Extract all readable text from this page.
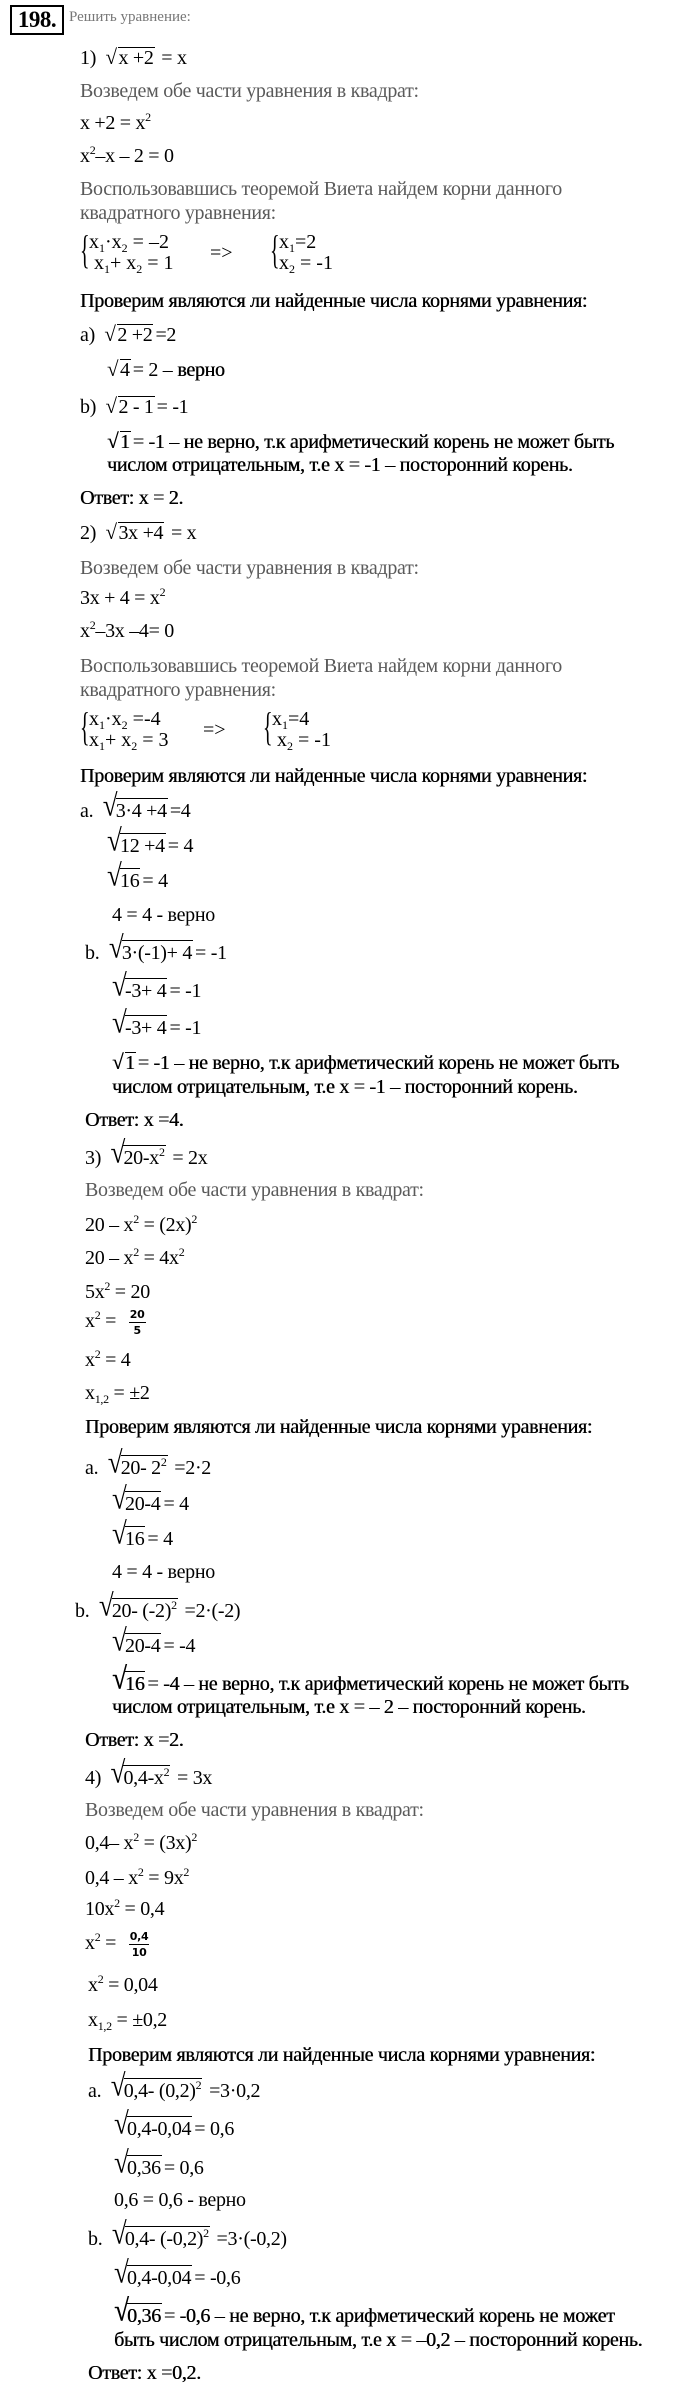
198. Решить уравнение:
1) √ x +2 = x
Возведем обе части уравнения в квадрат:
$x +2 = x^2$
$x^2-x - 2 = 0$
Воспользовавшись теоремой Виета найдем корни данного
квадратного уравнения:
{ $x_1\cdot x_2 = -2$
$x_1+ x_2 = 1$ => { $x_1=2$
$x_2 = -1$
Проверим являются ли найденные числа корнями уравнения:
a) √ 2 +2 =2
√ 4 = 2 – верно
b) √ 2 - 1 = -1
√ 1 = -1 – не верно, т.к арифметический корень не может быть
числом отрицательным, т.е x = -1 – посторонний корень.
Ответ: x = 2.
2) √ 3x +4 = x
Возведем обе части уравнения в квадрат:
$3x + 4 = x^2$
$x^2-3x$ –4= 0
Воспользовавшись теоремой Виета найдем корни данного
квадратного уравнения:
{ $x_1\cdot x_2 =-4$
$x_1+ x_2 = 3$ => { $x_1=4$
$x_2 = -1$
Проверим являются ли найденные числа корнями уравнения:
a. √ 3·4 +4 =4
√ 12 +4 = 4
√ 16 = 4
4 = 4 - верно
b. √ 3·(-1)+ 4 = -1
√ -3+ 4 = -1
√ -3+ 4 = -1
√ 1 = -1 – не верно, т.к арифметический корень не может быть
числом отрицательным, т.е x = -1 – посторонний корень.
Ответ: x =4.
3) √ $20-x^2 = 2x$
Возведем обе части уравнения в квадрат:
$20 - x^2 = (2x)^2$
$20 - x^2 = 4x^2$
$5x^2 = 20$
$x^2 = \frac{20}{5}$
$x^2 = 4$
$x_{1,2} = \pm 2$
Проверим являются ли найденные числа корнями уравнения:
a. √ 20- $2^2 =2\cdot 2$
√ 20-4 = 4
√ 16 = 4
4 = 4 - верно
b. √ 20- $(-2)^2 =2\cdot(-2)$
√ 20-4 = -4
√ 16 = -4 – не верно, т.к арифметический корень не может быть
числом отрицательным, т.е x = – 2 – посторонний корень.
Ответ: x =2.
4) √ $0,4-x^2 = 3x$
Возведем обе части уравнения в квадрат:
0,4– $x^2 = (3x)^2$
$0,4 - x^2 = 9x^2$
$10x^2 = 0,4$
$x^2 = \frac{0,4}{10}$
$x^2 = 0,04$
$x_{1,2} = \pm 0,2$
Проверим являются ли найденные числа корнями уравнения:
a. √ 0,4- $(0,2)^2 =3\cdot 0,2$
√ 0,4-0,04 = 0,6
√ 0,36 = 0,6
0,6 = 0,6 - верно
b. √ 0,4- $(-0,2)^2 =3\cdot(-0,2)$
√ 0,4-0,04 = -0,6
√ 0,36 = -0,6 – не верно, т.к арифметический корень не может
быть числом отрицательным, т.е x = –0,2 – посторонний корень.
Ответ: x =0,2.
